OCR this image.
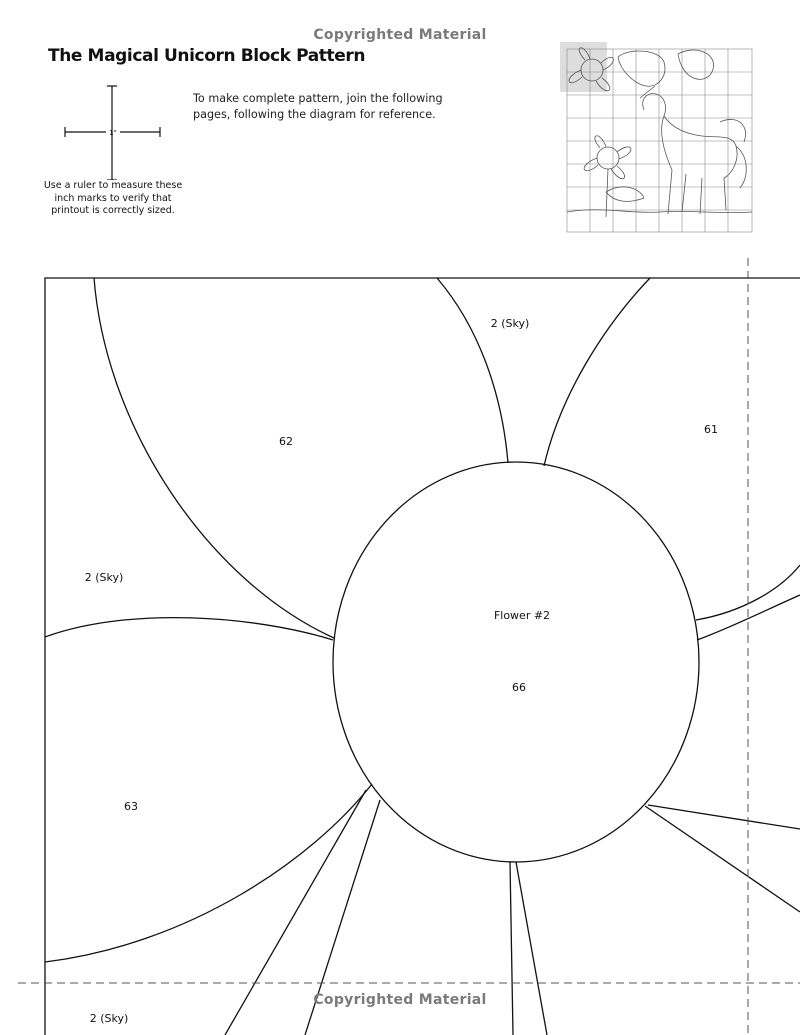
Copyrighted Material
The Magical Unicorn Block Pattern
1"
Use a ruler to measure these inch marks to verify that printout is correctly sized.
To make complete pattern, join the following pages, following the diagram for reference.
2 (Sky)
62
61
2 (Sky)
Flower #2
66
63
2 (Sky)
Copyrighted Material
